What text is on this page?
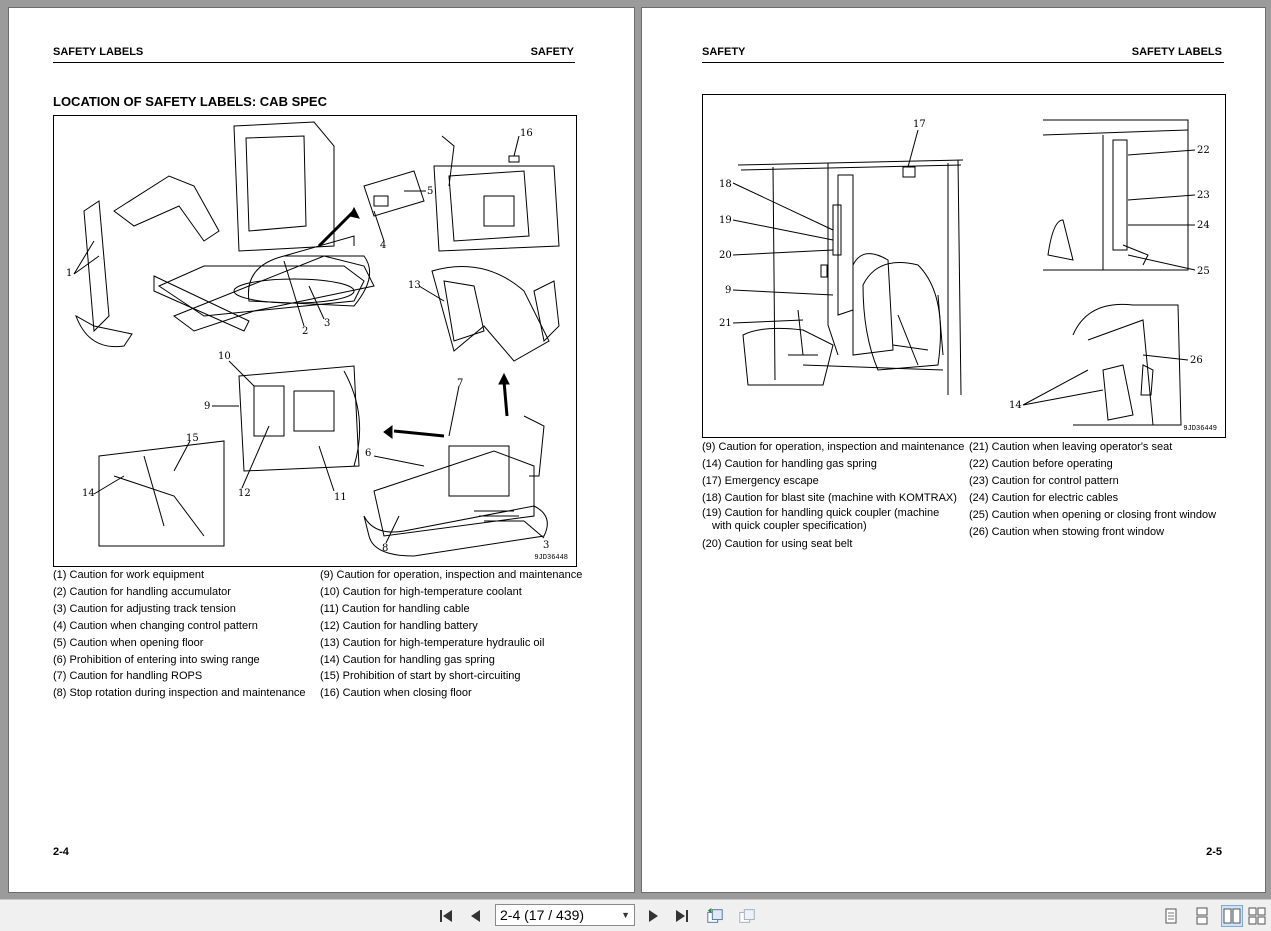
SAFETY LABELS	SAFETY
LOCATION OF SAFETY LABELS: CAB SPEC
1
2
3
4
5
16
13
10
9
15
14	12	11
7
6
8	3
9JD36448
(1) Caution for work equipment
(2) Caution for handling accumulator
(3) Caution for adjusting track tension
(4) Caution when changing control pattern
(5) Caution when opening floor
(6) Prohibition of entering into swing range
(7) Caution for handling ROPS
(8) Stop rotation during inspection and maintenance
(9) Caution for operation, inspection and maintenance
(10) Caution for high-temperature coolant
(11) Caution for handling cable
(12) Caution for handling battery
(13) Caution for high-temperature hydraulic oil
(14) Caution for handling gas spring
(15) Prohibition of start by short-circuiting
(16) Caution when closing floor
2-4
SAFETY	SAFETY LABELS
17
18
19
20
9
21
22
23
24
25
26
14
9JD36449
(9) Caution for operation, inspection and maintenance
(14) Caution for handling gas spring
(17) Emergency escape
(18) Caution for blast site (machine with KOMTRAX)
(19) Caution for handling quick coupler (machine with quick coupler specification)
(20) Caution for using seat belt
(21) Caution when leaving operator's seat
(22) Caution before operating
(23) Caution for control pattern
(24) Caution for electric cables
(25) Caution when opening or closing front window
(26) Caution when stowing front window
2-5
2-4 (17 / 439)	▼
